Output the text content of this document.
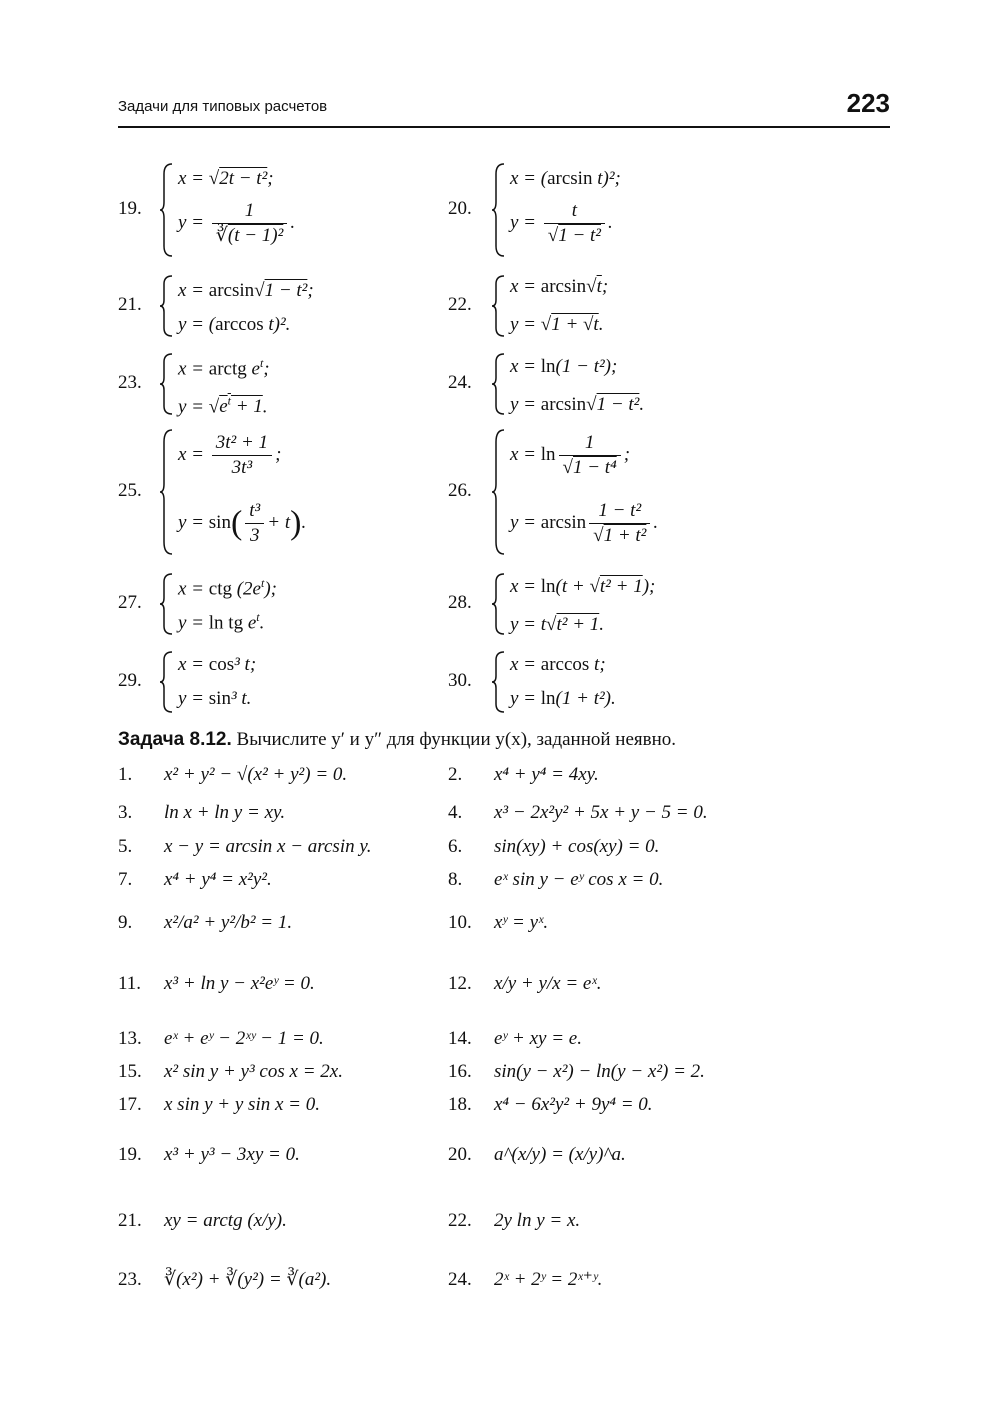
Задачи для типовых расчетов	223
19.
x = √2t − t²;
$y = \frac{1}{\text{∛(t − 1)²}}$ .
20.
x = (arcsin t)²;
$y = \frac{t}{\text{√1 − t²}}$ .
21.
x = arcsin√1 − t²;
y = (arccos t)².
22.
x = arcsin√t;
y = √1 + √t.
23.
x = arctg $e^t$;
$y = √e^t + 1$.
24.
x = ln(1 − t²);
y = arcsin√1 − t².
25.
$x = \frac{\text{3t² + 1}}{\text{3t³}}$ ;
$y = \sin( \frac{\text{t³}}{3} + t)$.
26.
$x = \ln \frac{1}{\text{√1 − t⁴}}$ ;
$y = \arcsin \frac{\text{1 − t²}}{\text{√1 + t²}}$ .
27.
x = ctg $(2e^t)$;
y = ln tg $e^t$.
28.
x = ln(t + √t² + 1);
y = t√t² + 1.
29.
x = cos³ t;
y = sin³ t.
30.
x = arccos t;
y = ln(1 + t²).
Задача 8.12. Вычислите y′ и y″ для функции y(x), заданной неявно.
1. x² + y² − √(x² + y²) = 0.	2. x⁴ + y⁴ = 4xy.
3. ln x + ln y = xy.	4. x³ − 2x²y² + 5x + y − 5 = 0.
5. x − y = arcsin x − arcsin y.	6. sin(xy) + cos(xy) = 0.
7. x⁴ + y⁴ = x²y².	8. eˣ sin y − eʸ cos x = 0.
9. x²/a² + y²/b² = 1.	10. xʸ = yˣ.
11. x³ + ln y − x²eʸ = 0.	12. x/y + y/x = eˣ.
13. eˣ + eʸ − 2ˣʸ − 1 = 0.	14. eʸ + xy = e.
15. x² sin y + y³ cos x = 2x.	16. sin(y − x²) − ln(y − x²) = 2.
17. x sin y + y sin x = 0.	18. x⁴ − 6x²y² + 9y⁴ = 0.
19. x³ + y³ − 3xy = 0.	20. a^(x/y) = (x/y)^a.
21. xy = arctg (x/y).	22. 2y ln y = x.
23. ∛(x²) + ∛(y²) = ∛(a²).	24. 2ˣ + 2ʸ = 2ˣ⁺ʸ.
